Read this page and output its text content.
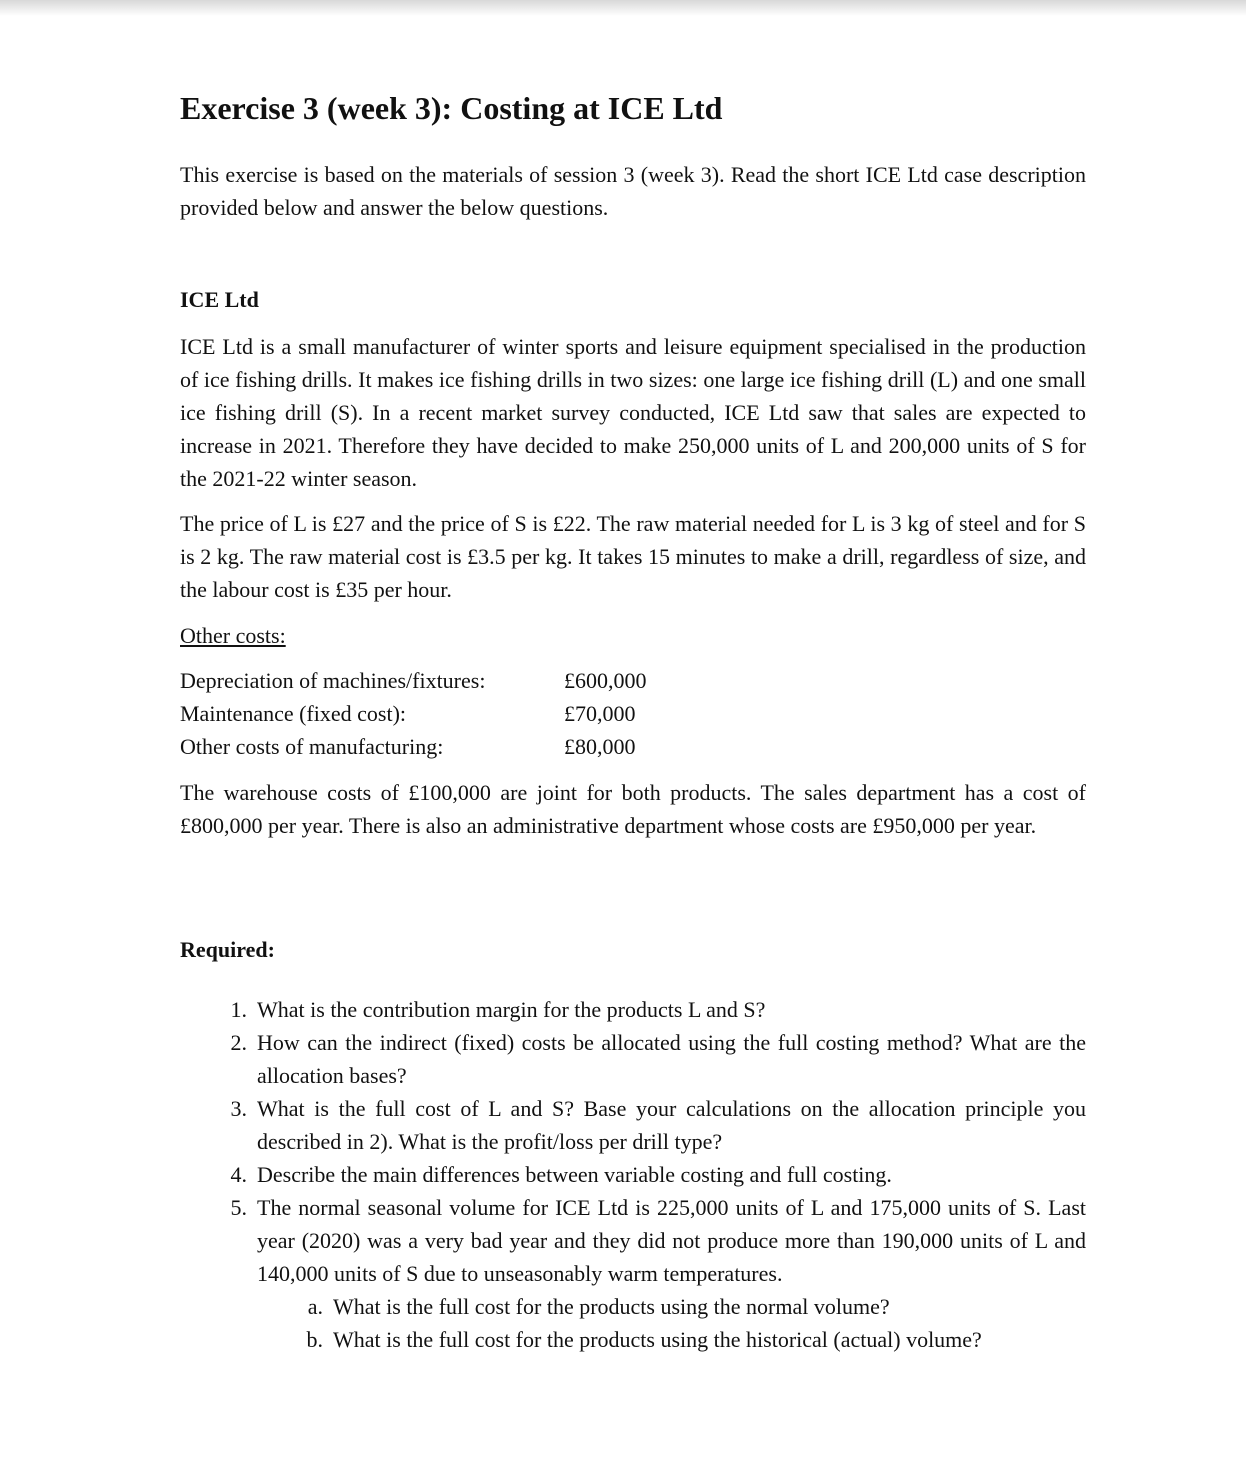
Exercise 3 (week 3): Costing at ICE Ltd
This exercise is based on the materials of session 3 (week 3). Read the short ICE Ltd case description provided below and answer the below questions.
ICE Ltd
ICE Ltd is a small manufacturer of winter sports and leisure equipment specialised in the production of ice fishing drills. It makes ice fishing drills in two sizes: one large ice fishing drill (L) and one small ice fishing drill (S). In a recent market survey conducted, ICE Ltd saw that sales are expected to increase in 2021. Therefore they have decided to make 250,000 units of L and 200,000 units of S for the 2021-22 winter season.
The price of L is £27 and the price of S is £22. The raw material needed for L is 3 kg of steel and for S is 2 kg. The raw material cost is £3.5 per kg. It takes 15 minutes to make a drill, regardless of size, and the labour cost is £35 per hour.
Other costs:
Depreciation of machines/fixtures:	£600,000
Maintenance (fixed cost):	£70,000
Other costs of manufacturing:	£80,000
The warehouse costs of £100,000 are joint for both products. The sales department has a cost of £800,000 per year. There is also an administrative department whose costs are £950,000 per year.
Required:
1. What is the contribution margin for the products L and S?
2. How can the indirect (fixed) costs be allocated using the full costing method? What are the allocation bases?
3. What is the full cost of L and S? Base your calculations on the allocation principle you described in 2). What is the profit/loss per drill type?
4. Describe the main differences between variable costing and full costing.
5. The normal seasonal volume for ICE Ltd is 225,000 units of L and 175,000 units of S. Last year (2020) was a very bad year and they did not produce more than 190,000 units of L and 140,000 units of S due to unseasonably warm temperatures.
a. What is the full cost for the products using the normal volume?
b. What is the full cost for the products using the historical (actual) volume?
